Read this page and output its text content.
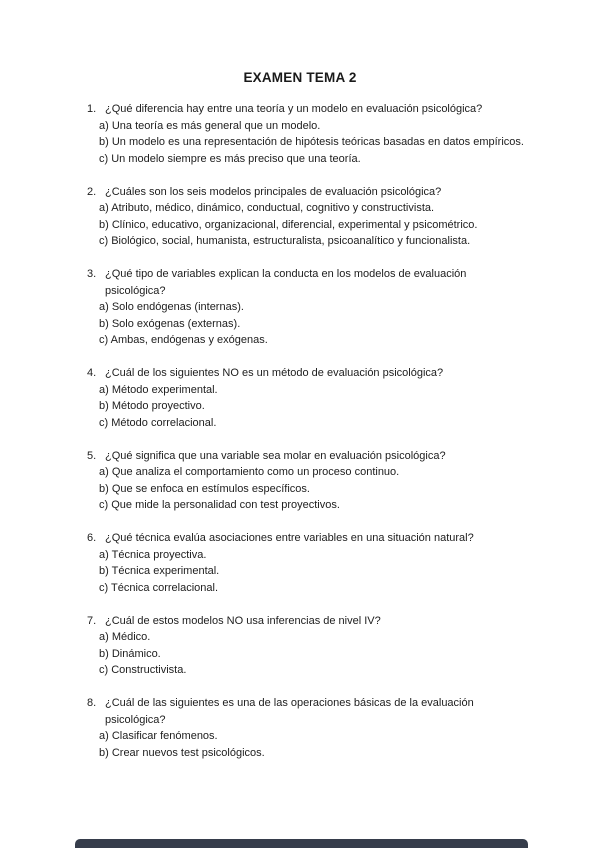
EXAMEN TEMA 2
1. ¿Qué diferencia hay entre una teoría y un modelo en evaluación psicológica?
a) Una teoría es más general que un modelo.
b) Un modelo es una representación de hipótesis teóricas basadas en datos empíricos.
c) Un modelo siempre es más preciso que una teoría.
2. ¿Cuáles son los seis modelos principales de evaluación psicológica?
a) Atributo, médico, dinámico, conductual, cognitivo y constructivista.
b) Clínico, educativo, organizacional, diferencial, experimental y psicométrico.
c) Biológico, social, humanista, estructuralista, psicoanalítico y funcionalista.
3. ¿Qué tipo de variables explican la conducta en los modelos de evaluación psicológica?
a) Solo endógenas (internas).
b) Solo exógenas (externas).
c) Ambas, endógenas y exógenas.
4. ¿Cuál de los siguientes NO es un método de evaluación psicológica?
a) Método experimental.
b) Método proyectivo.
c) Método correlacional.
5. ¿Qué significa que una variable sea molar en evaluación psicológica?
a) Que analiza el comportamiento como un proceso continuo.
b) Que se enfoca en estímulos específicos.
c) Que mide la personalidad con test proyectivos.
6. ¿Qué técnica evalúa asociaciones entre variables en una situación natural?
a) Técnica proyectiva.
b) Técnica experimental.
c) Técnica correlacional.
7. ¿Cuál de estos modelos NO usa inferencias de nivel IV?
a) Médico.
b) Dinámico.
c) Constructivista.
8. ¿Cuál de las siguientes es una de las operaciones básicas de la evaluación psicológica?
a) Clasificar fenómenos.
b) Crear nuevos test psicológicos.
